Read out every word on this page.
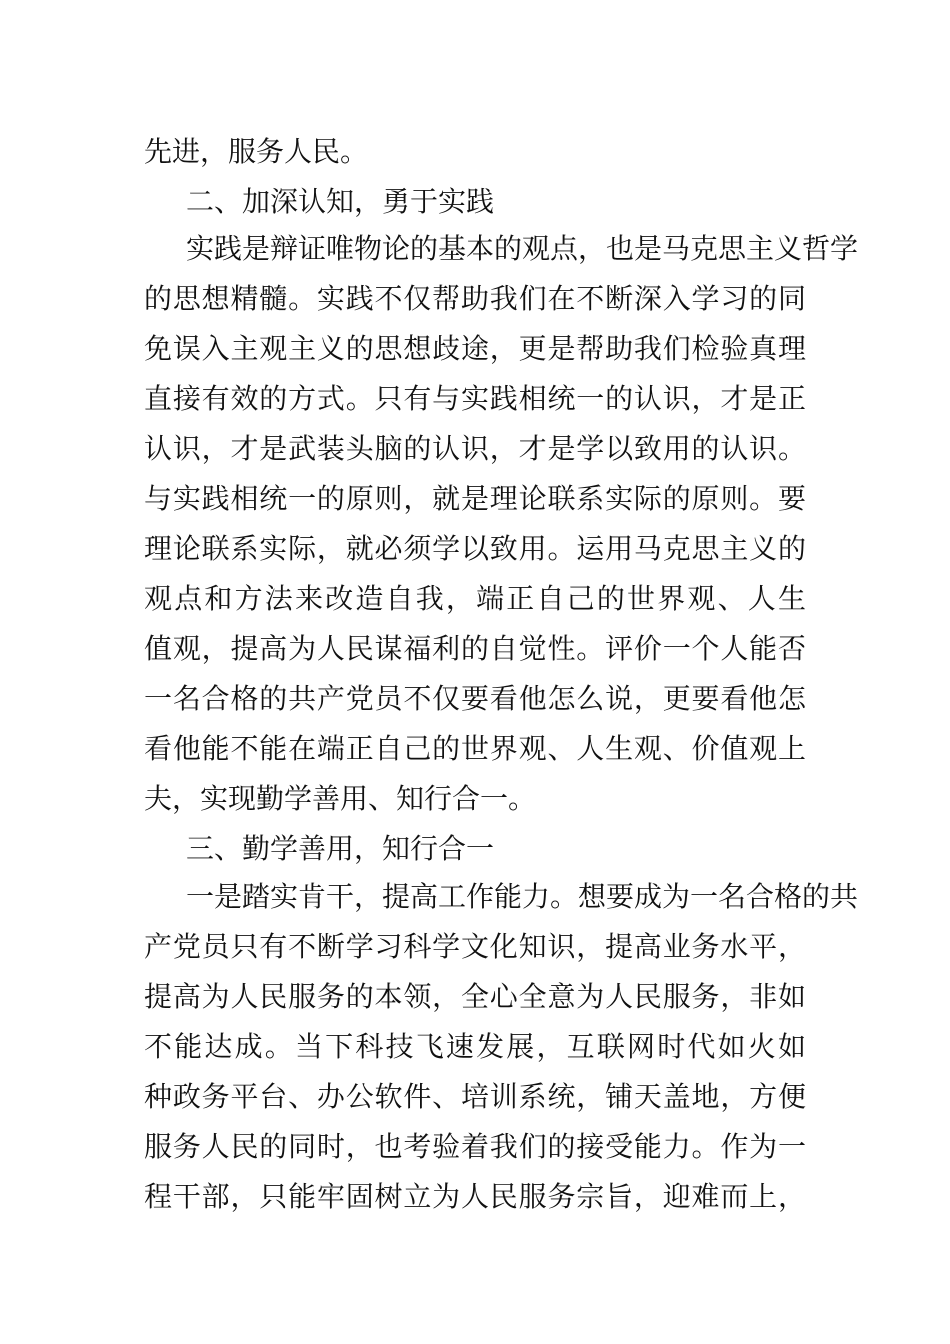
先进，服务人民。
二、加深认知，勇于实践
实践是辩证唯物论的基本的观点，也是马克思主义哲学
的思想精髓。实践不仅帮助我们在不断深入学习的同
免误入主观主义的思想歧途，更是帮助我们检验真理
直接有效的方式。只有与实践相统一的认识，才是正
认识，才是武装头脑的认识，才是学以致用的认识。
与实践相统一的原则，就是理论联系实际的原则。要
理论联系实际，就必须学以致用。运用马克思主义的
观点和方法来改造自我，端正自己的世界观、人生
值观，提高为人民谋福利的自觉性。评价一个人能否
一名合格的共产党员不仅要看他怎么说，更要看他怎
看他能不能在端正自己的世界观、人生观、价值观上
夫，实现勤学善用、知行合一。
三、勤学善用，知行合一
一是踏实肯干，提高工作能力。想要成为一名合格的共
产党员只有不断学习科学文化知识，提高业务水平，
提高为人民服务的本领，全心全意为人民服务，非如
不能达成。当下科技飞速发展，互联网时代如火如
种政务平台、办公软件、培训系统，铺天盖地，方便
服务人民的同时，也考验着我们的接受能力。作为一
程干部，只能牢固树立为人民服务宗旨，迎难而上，
